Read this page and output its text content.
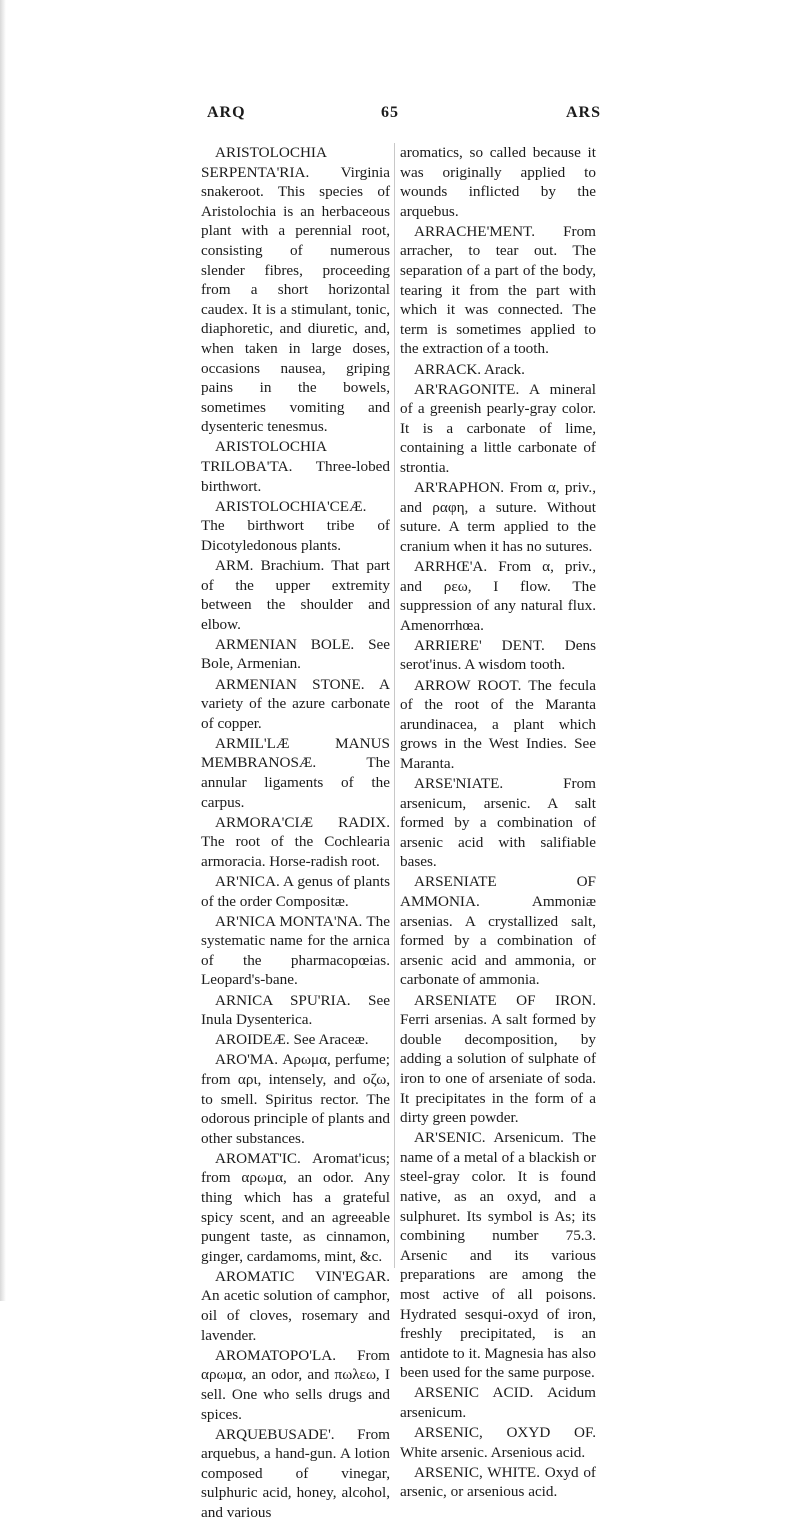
ARQ	65	ARS

ARISTOLOCHIA SERPENTA'RIA. Virginia snakeroot. This species of Aristolochia is an herbaceous plant with a perennial root, consisting of numerous slender fibres, proceeding from a short horizontal caudex. It is a stimulant, tonic, diaphoretic, and diuretic, and, when taken in large doses, occasions nausea, griping pains in the bowels, sometimes vomiting and dysenteric tenesmus.

ARISTOLOCHIA TRILOBA'TA. Three-lobed birthwort.

ARISTOLOCHIA'CEÆ. The birthwort tribe of Dicotyledonous plants.

ARM. Brachium. That part of the upper extremity between the shoulder and elbow.

ARMENIAN BOLE. See Bole, Armenian.

ARMENIAN STONE. A variety of the azure carbonate of copper.

ARMIL'LÆ MANUS MEMBRANOSÆ. The annular ligaments of the carpus.

ARMORA'CIÆ RADIX. The root of the Cochlearia armoracia. Horse-radish root.

AR'NICA. A genus of plants of the order Compositæ.

AR'NICA MONTA'NA. The systematic name for the arnica of the pharmacopœias. Leopard's-bane.

ARNICA SPU'RIA. See Inula Dysenterica.

AROIDEÆ. See Araceæ.

ARO'MA. Αρωμα, perfume; from αρι, intensely, and οζω, to smell. Spiritus rector. The odorous principle of plants and other substances.

AROMAT'IC. Aromat'icus; from αρωμα, an odor. Any thing which has a grateful spicy scent, and an agreeable pungent taste, as cinnamon, ginger, cardamoms, mint, &c.

AROMATIC VIN'EGAR. An acetic solution of camphor, oil of cloves, rosemary and lavender.

AROMATOPO'LA. From αρωμα, an odor, and πωλεω, I sell. One who sells drugs and spices.

ARQUEBUSADE'. From arquebus, a hand-gun. A lotion composed of vinegar, sulphuric acid, honey, alcohol, and various

aromatics, so called because it was originally applied to wounds inflicted by the arquebus.

ARRACHE'MENT. From arracher, to tear out. The separation of a part of the body, tearing it from the part with which it was connected. The term is sometimes applied to the extraction of a tooth.

ARRACK. Arack.

AR'RAGONITE. A mineral of a greenish pearly-gray color. It is a carbonate of lime, containing a little carbonate of strontia.

AR'RAPHON. From α, priv., and ραφη, a suture. Without suture. A term applied to the cranium when it has no sutures.

ARRHŒ'A. From α, priv., and ρεω, I flow. The suppression of any natural flux. Amenorrhœa.

ARRIERE' DENT. Dens serot'inus. A wisdom tooth.

ARROW ROOT. The fecula of the root of the Maranta arundinacea, a plant which grows in the West Indies. See Maranta.

ARSE'NIATE. From arsenicum, arsenic. A salt formed by a combination of arsenic acid with salifiable bases.

ARSENIATE OF AMMONIA. Ammoniæ arsenias. A crystallized salt, formed by a combination of arsenic acid and ammonia, or carbonate of ammonia.

ARSENIATE OF IRON. Ferri arsenias. A salt formed by double decomposition, by adding a solution of sulphate of iron to one of arseniate of soda. It precipitates in the form of a dirty green powder.

AR'SENIC. Arsenicum. The name of a metal of a blackish or steel-gray color. It is found native, as an oxyd, and a sulphuret. Its symbol is As; its combining number 75.3. Arsenic and its various preparations are among the most active of all poisons. Hydrated sesqui-oxyd of iron, freshly precipitated, is an antidote to it. Magnesia has also been used for the same purpose.

ARSENIC ACID. Acidum arsenicum.

ARSENIC, OXYD OF. White arsenic. Arsenious acid.

ARSENIC, WHITE. Oxyd of arsenic, or arsenious acid.
